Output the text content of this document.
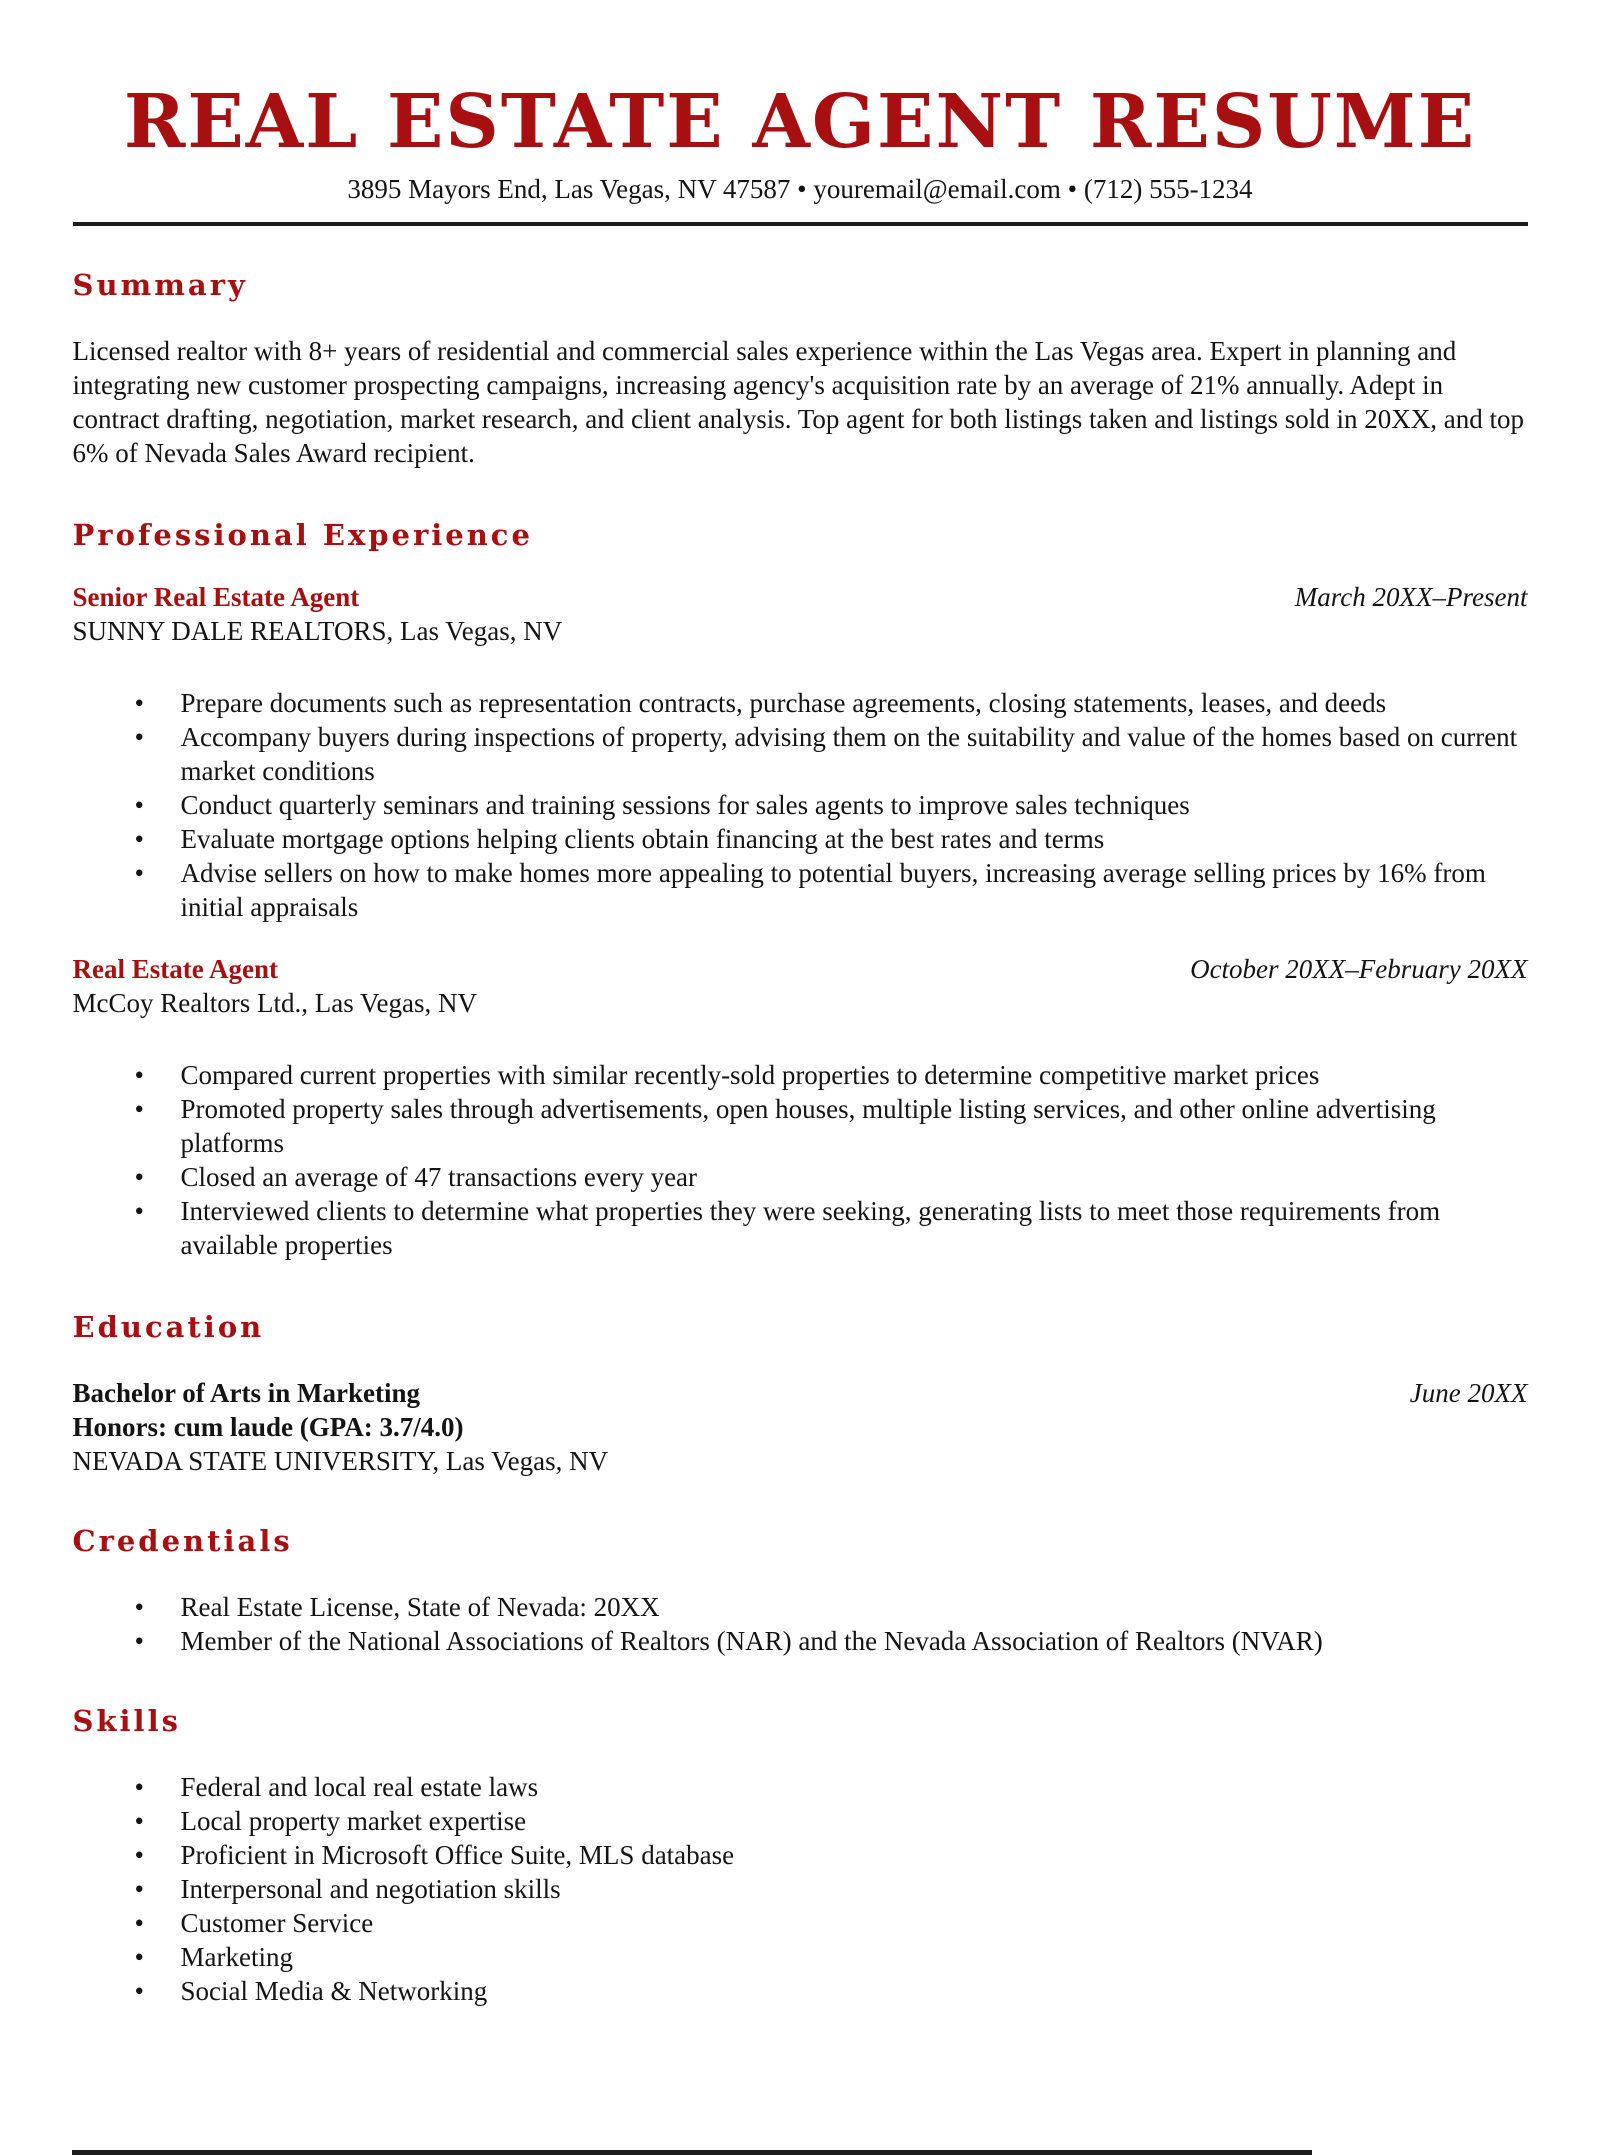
REAL ESTATE AGENT RESUME
3895 Mayors End, Las Vegas, NV 47587 • youremail@email.com • (712) 555-1234
Summary

Licensed realtor with 8+ years of residential and commercial sales experience within the Las Vegas area. Expert in planning and integrating new customer prospecting campaigns, increasing agency's acquisition rate by an average of 21% annually. Adept in contract drafting, negotiation, market research, and client analysis. Top agent for both listings taken and listings sold in 20XX, and top 6% of Nevada Sales Award recipient.

Professional Experience
Senior Real Estate Agent	March 20XX–Present
SUNNY DALE REALTORS, Las Vegas, NV
• Prepare documents such as representation contracts, purchase agreements, closing statements, leases, and deeds
• Accompany buyers during inspections of property, advising them on the suitability and value of the homes based on current market conditions
• Conduct quarterly seminars and training sessions for sales agents to improve sales techniques
• Evaluate mortgage options helping clients obtain financing at the best rates and terms
• Advise sellers on how to make homes more appealing to potential buyers, increasing average selling prices by 16% from initial appraisals
Real Estate Agent	October 20XX–February 20XX
McCoy Realtors Ltd., Las Vegas, NV
• Compared current properties with similar recently-sold properties to determine competitive market prices
• Promoted property sales through advertisements, open houses, multiple listing services, and other online advertising platforms
• Closed an average of 47 transactions every year
• Interviewed clients to determine what properties they were seeking, generating lists to meet those requirements from available properties
Education
Bachelor of Arts in Marketing	June 20XX
Honors: cum laude (GPA: 3.7/4.0)
NEVADA STATE UNIVERSITY, Las Vegas, NV
Credentials
• Real Estate License, State of Nevada: 20XX
• Member of the National Associations of Realtors (NAR) and the Nevada Association of Realtors (NVAR)
Skills
• Federal and local real estate laws
• Local property market expertise
• Proficient in Microsoft Office Suite, MLS database
• Interpersonal and negotiation skills
• Customer Service
• Marketing
• Social Media & Networking
